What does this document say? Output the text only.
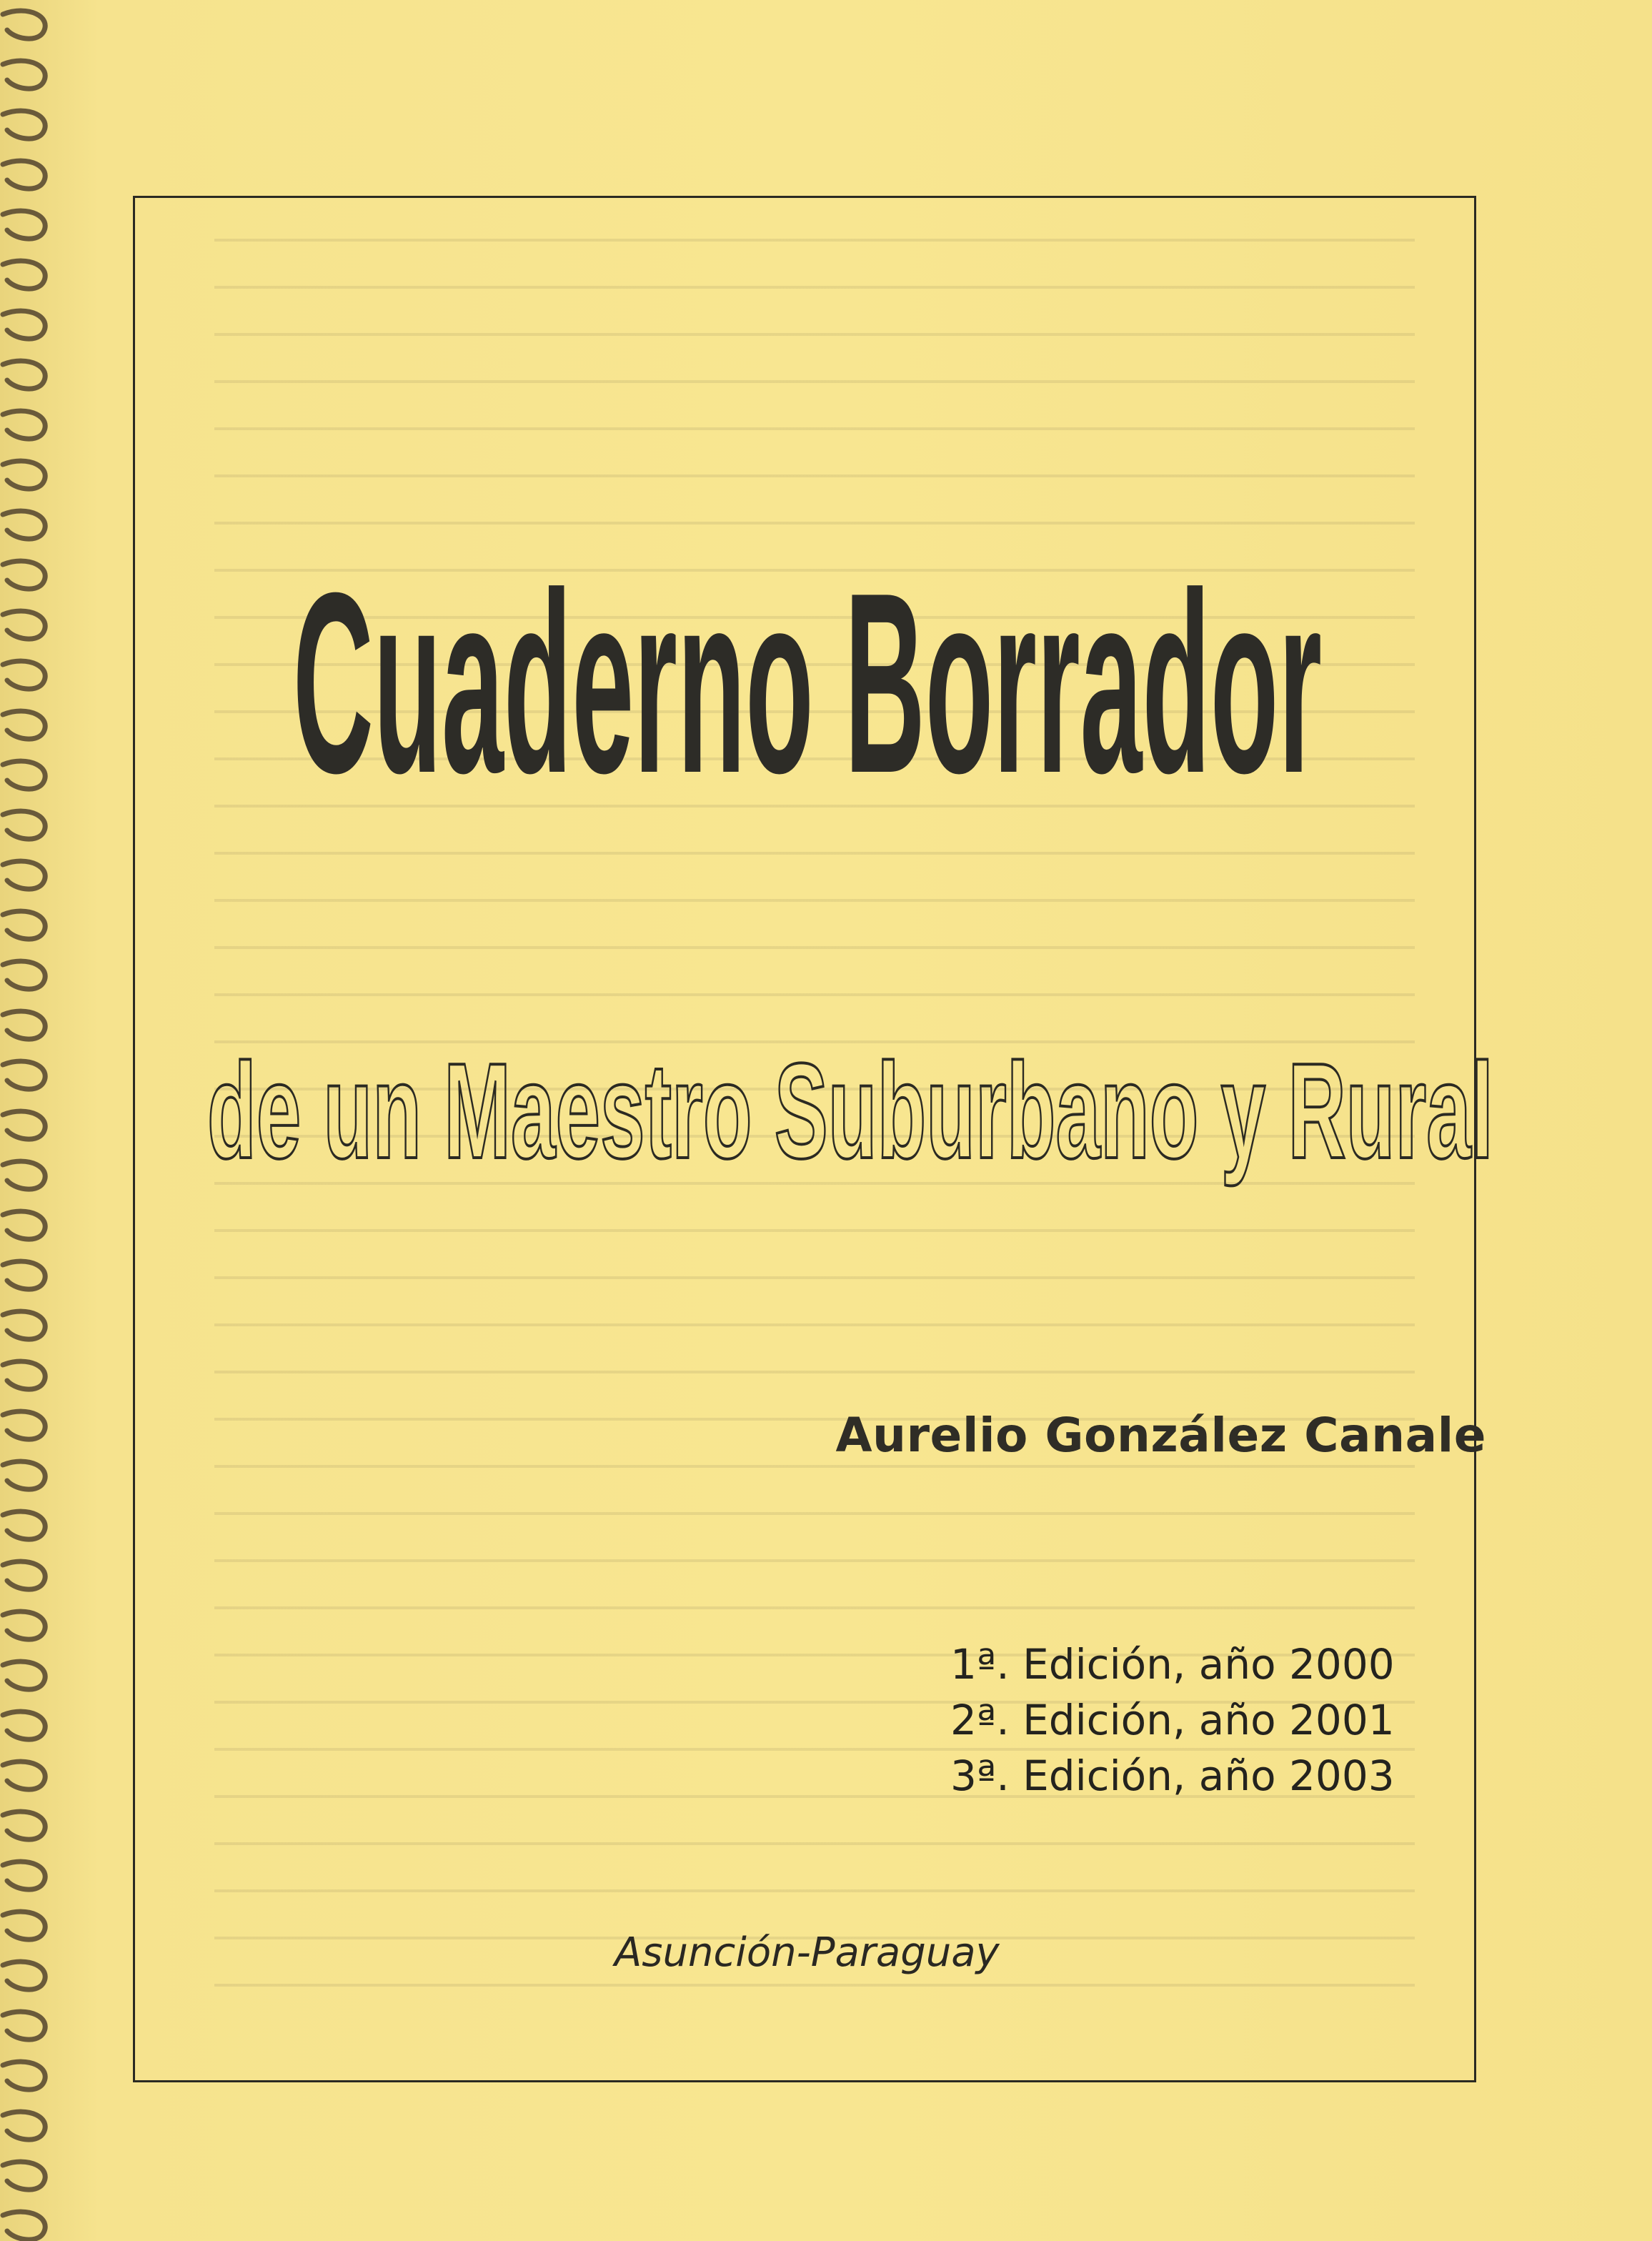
Cuaderno Borrador
de un Maestro Suburbano y Rural
Aurelio González Canale
1ª. Edición, año 2000
2ª. Edición, año 2001
3ª. Edición, año 2003
Asunción-Paraguay
